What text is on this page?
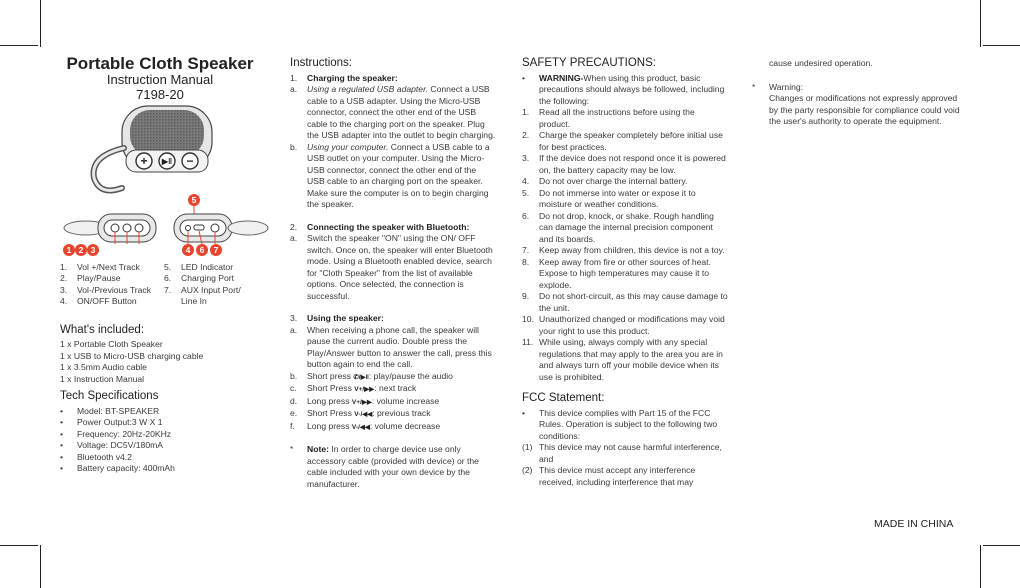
Portable Cloth Speaker
Instruction Manual
7198-20
+ ▶‖ −
5
1 2 3	4 6 7
1.	Vol +/Next Track
2.	Play/Pause
3.	Vol-/Previous Track
4.	ON/OFF Button
5.	LED Indicator
6.	Charging Port
7.	AUX Input Port/
Line In
What's included:

1 x Portable Cloth Speaker

1 x USB to Micro-USB charging cable

1 x 3.5mm Audio cable

1 x Instruction Manual

Tech Specifications
•	Model: BT-SPEAKER
•	Power Output:3 W X 1
•	Frequency: 20Hz-20KHz
•	Voltage: DC5V/180mA
•	Bluetooth v4.2
•	Battery capacity: 400mAh
Instructions:
1.	Charging the speaker:
a.	Using a regulated USB adapter. Connect a USB cable to a USB adapter. Using the Micro-USB connector, connect the other end of the USB cable to the charging port on the speaker. Plug the USB adapter into the outlet to begin charging.
b.	Using your computer. Connect a USB cable to a USB outlet on your computer. Using the Micro-USB connector, connect the other end of the USB cable to an charging port on the speaker. Make sure the computer is on to begin charging the speaker.
2.	Connecting the speaker with Bluetooth:
a.	Switch the speaker "ON" using the ON/ OFF switch. Once on, the speaker will enter Bluetooth mode. Using a Bluetooth enabled device, search for "Cloth Speaker" from the list of available options. Once selected, the connection is successful.
3.	Using the speaker:
a.	When receiving a phone call, the speaker will pause the current audio. Double press the Play/Answer button to answer the call, press this button again to end the call.
b.	Short press ✆/▶‖: play/pause the audio
c.	Short Press V+/▶▶: next track
d.	Long press V+/▶▶: volume increase
e.	Short Press V-/◀◀: previous track
f.	Long press V-/◀◀: volume decrease
*	Note: In order to charge device use only accessory cable (provided with device) or the cable included with your own device by the manufacturer.
SAFETY PRECAUTIONS:
•	WARNING-When using this product, basic precautions should always be followed, including the following:
1.	Read all the instructions before using the product.
2.	Charge the speaker completely before initial use for best practices.
3.	If the device does not respond once it is powered on, the battery capacity may be low.
4.	Do not over charge the internal battery.
5.	Do not immerse into water or expose it to moisture or weather conditions.
6.	Do not drop, knock, or shake. Rough handling can damage the internal precision component and its boards.
7.	Keep away from children, this device is not a toy.
8.	Keep away from fire or other sources of heat. Expose to high temperatures may cause it to explode.
9.	Do not short-circuit, as this may cause damage to the unit.
10. Unauthorized changed or modifications may void your right to use this product.
11. While using, always comply with any special regulations that may apply to the area you are in and always turn off your mobile device when its use is prohibited.
FCC Statement:
•	This device complies with Part 15 of the FCC Rules. Operation is subject to the following two conditions:
(1) This device may not cause harmful interference, and
(2) This device must accept any interference received, including interference that may
cause undesired operation.
*	Warning:
Changes or modifications not expressly approved by the party responsible for compliance could void the user's authority to operate the equipment.
MADE IN CHINA
